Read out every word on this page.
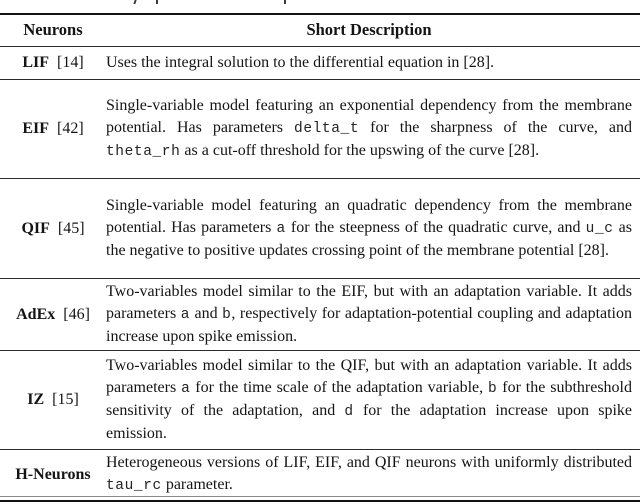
Neurons	Short Description
LIF  [14]	Uses the integral solution to the differential equation in [28].

EIF  [42]

Single-variable model featuring an exponential dependency from the membrane potential. Has parameters delta_t for the sharpness of the curve, and theta_rh as a cut-off threshold for the upswing of the curve [28].

QIF  [45]

Single-variable model featuring an quadratic dependency from the membrane potential. Has parameters a for the steepness of the quadratic curve, and u_c as the negative to positive updates crossing point of the membrane potential [28].

AdEx  [46]

Two-variables model similar to the EIF, but with an adaptation variable. It adds parameters a and b, respectively for adaptation-potential coupling and adaptation increase upon spike emission.

IZ  [15]

Two-variables model similar to the QIF, but with an adaptation variable. It adds parameters a for the time scale of the adaptation variable, b for the subthreshold sensitivity of the adaptation, and d for the adaptation increase upon spike emission.

H-Neurons

Heterogeneous versions of LIF, EIF, and QIF neurons with uniformly distributed tau_rc parameter.
